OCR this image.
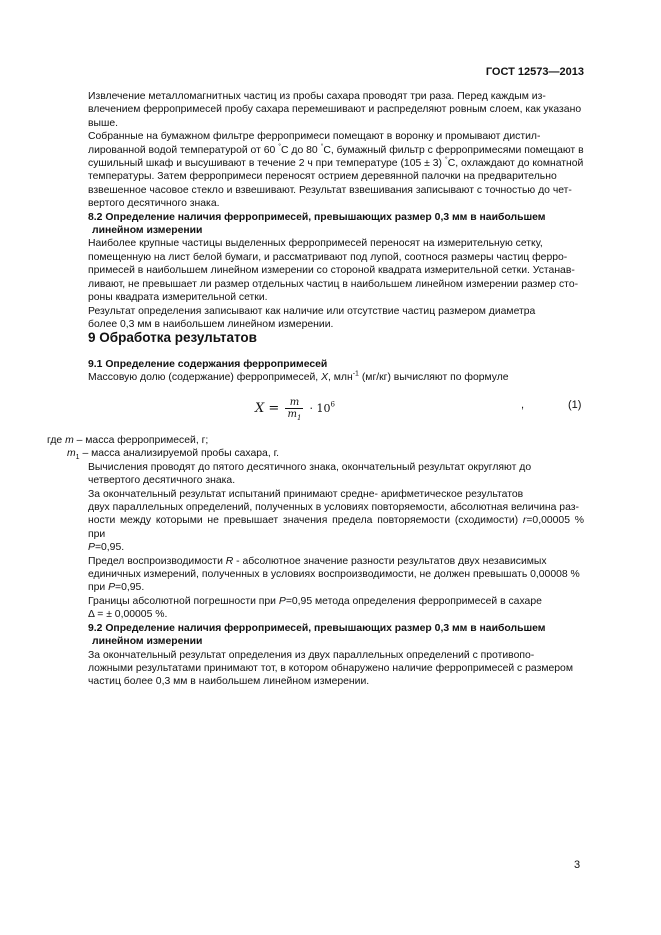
ГОСТ 12573—2013

Извлечение металломагнитных частиц из пробы сахара проводят три раза. Перед каждым из-
влечением ферропримесей пробу сахара перемешивают и распределяют ровным слоем, как указано
выше.

Собранные на бумажном фильтре ферропримеси помещают в воронку и промывают дистил-
лированной водой температурой от 60 °С до 80 °С, бумажный фильтр с ферропримесями помещают в
сушильный шкаф и высушивают в течение 2 ч при температуре (105 ± 3) °С, охлаждают до комнатной
температуры. Затем ферропримеси переносят острием деревянной палочки на предварительно
взвешенное часовое стекло и взвешивают. Результат взвешивания записывают с точностью до чет-
вертого десятичного знака.

8.2 Определение наличия ферропримесей, превышающих размер 0,3 мм в наибольшем
линейном измерении

Наиболее крупные частицы выделенных ферропримесей переносят на измерительную сетку,
помещенную на лист белой бумаги, и рассматривают под лупой, соотнося размеры частиц ферро-
примесей в наибольшем линейном измерении со стороной квадрата измерительной сетки. Устанав-
ливают, не превышает ли размер отдельных частиц в наибольшем линейном измерении размер сто-
роны квадрата измерительной сетки.

Результат определения записывают как наличие или отсутствие частиц размером диаметра
более 0,3 мм в наибольшем линейном измерении.

9 Обработка результатов

9.1 Определение содержания ферропримесей

Массовую долю (содержание) ферропримесей, X, млн$^{-1}$ (мг/кг) вычисляют по формуле

$X = \frac{m}{m_1} \cdot 10^6$	,	(1)

где m – масса ферропримесей, г;
$m_1$ – масса анализируемой пробы сахара, г.

Вычисления проводят до пятого десятичного знака, окончательный результат округляют до
четвертого десятичного знака.

За окончательный результат испытаний принимают средне- арифметическое результатов
двух параллельных определений, полученных в условиях повторяемости, абсолютная величина раз-
ности между которыми не превышает значения предела повторяемости (сходимости) r=0,00005 % при
P=0,95.

Предел воспроизводимости R - абсолютное значение разности результатов двух независимых
единичных измерений, полученных в условиях воспроизводимости, не должен превышать 0,00008 %
при P=0,95.

Границы абсолютной погрешности при P=0,95 метода определения ферропримесей в сахаре
Δ = ± 0,00005 %.

9.2 Определение наличия ферропримесей, превышающих размер 0,3 мм в наибольшем
линейном измерении

За окончательный результат определения из двух параллельных определений с противопо-
ложными результатами принимают тот, в котором обнаружено наличие ферропримесей с размером
частиц более 0,3 мм в наибольшем линейном измерении.

3
